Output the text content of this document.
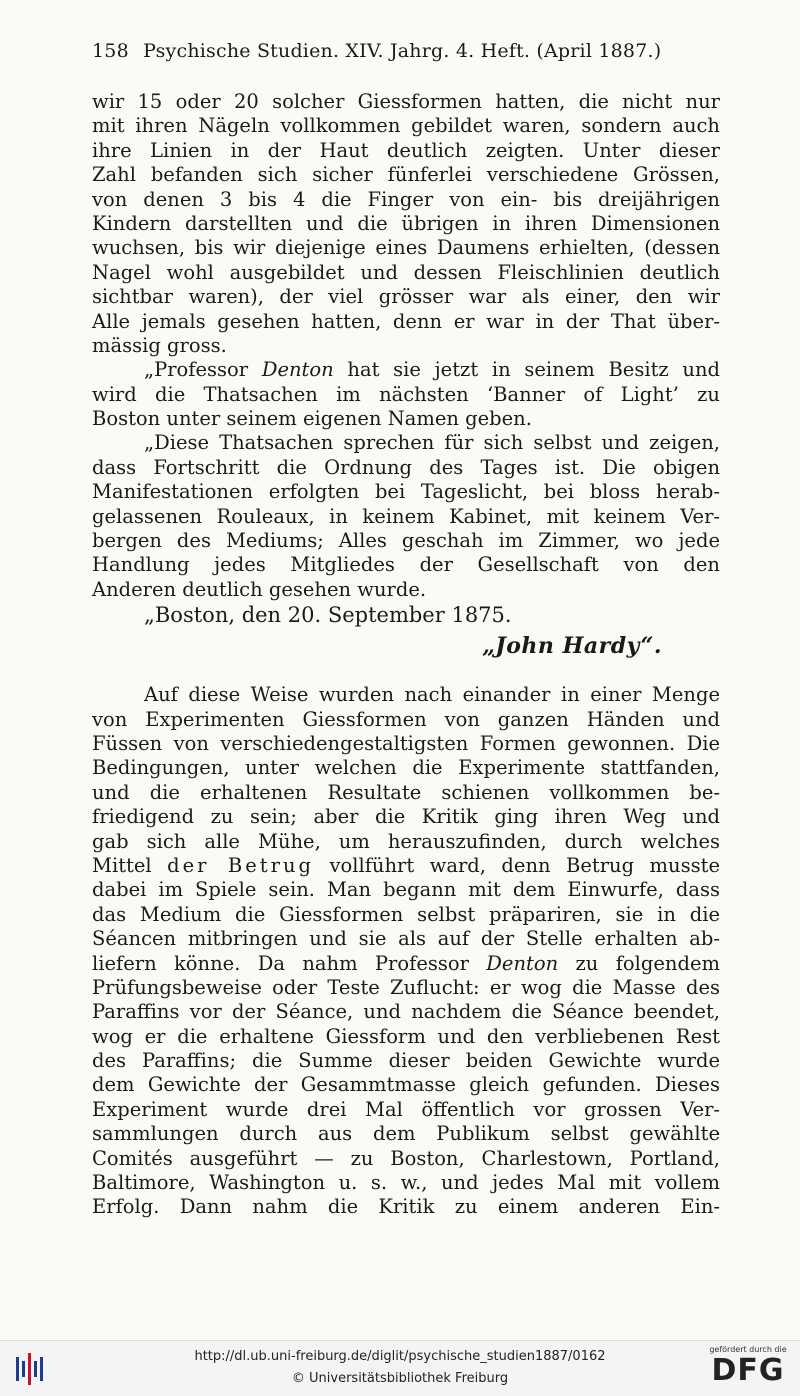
158 Psychische Studien. XIV. Jahrg. 4. Heft. (April 1887.)
wir 15 oder 20 solcher Giessformen hatten, die nicht nur
mit ihren Nägeln vollkommen gebildet waren, sondern auch
ihre Linien in der Haut deutlich zeigten. Unter dieser
Zahl befanden sich sicher fünferlei verschiedene Grössen,
von denen 3 bis 4 die Finger von ein- bis dreijährigen
Kindern darstellten und die übrigen in ihren Dimensionen
wuchsen, bis wir diejenige eines Daumens erhielten, (dessen
Nagel wohl ausgebildet und dessen Fleischlinien deutlich
sichtbar waren), der viel grösser war als einer, den wir
Alle jemals gesehen hatten, denn er war in der That über-
mässig gross.
„Professor Denton hat sie jetzt in seinem Besitz und
wird die Thatsachen im nächsten ‘Banner of Light’ zu
Boston unter seinem eigenen Namen geben.
„Diese Thatsachen sprechen für sich selbst und zeigen,
dass Fortschritt die Ordnung des Tages ist. Die obigen
Manifestationen erfolgten bei Tageslicht, bei bloss herab-
gelassenen Rouleaux, in keinem Kabinet, mit keinem Ver-
bergen des Mediums; Alles geschah im Zimmer, wo jede
Handlung jedes Mitgliedes der Gesellschaft von den
Anderen deutlich gesehen wurde.
„Boston, den 20. September 1875.
„John Hardy“.
Auf diese Weise wurden nach einander in einer Menge
von Experimenten Giessformen von ganzen Händen und
Füssen von verschiedengestaltigsten Formen gewonnen. Die
Bedingungen, unter welchen die Experimente stattfanden,
und die erhaltenen Resultate schienen vollkommen be-
friedigend zu sein; aber die Kritik ging ihren Weg und
gab sich alle Mühe, um herauszufinden, durch welches
Mittel der Betrug vollführt ward, denn Betrug musste
dabei im Spiele sein. Man begann mit dem Einwurfe, dass
das Medium die Giessformen selbst präpariren, sie in die
Séancen mitbringen und sie als auf der Stelle erhalten ab-
liefern könne. Da nahm Professor Denton zu folgendem
Prüfungsbeweise oder Teste Zuflucht: er wog die Masse des
Paraffins vor der Séance, und nachdem die Séance beendet,
wog er die erhaltene Giessform und den verbliebenen Rest
des Paraffins; die Summe dieser beiden Gewichte wurde
dem Gewichte der Gesammtmasse gleich gefunden. Dieses
Experiment wurde drei Mal öffentlich vor grossen Ver-
sammlungen durch aus dem Publikum selbst gewählte
Comités ausgeführt — zu Boston, Charlestown, Portland,
Baltimore, Washington u. s. w., und jedes Mal mit vollem
Erfolg. Dann nahm die Kritik zu einem anderen Ein-
http://dl.ub.uni-freiburg.de/diglit/psychische_studien1887/0162
© Universitätsbibliothek Freiburg
gefördert durch die
DFG
